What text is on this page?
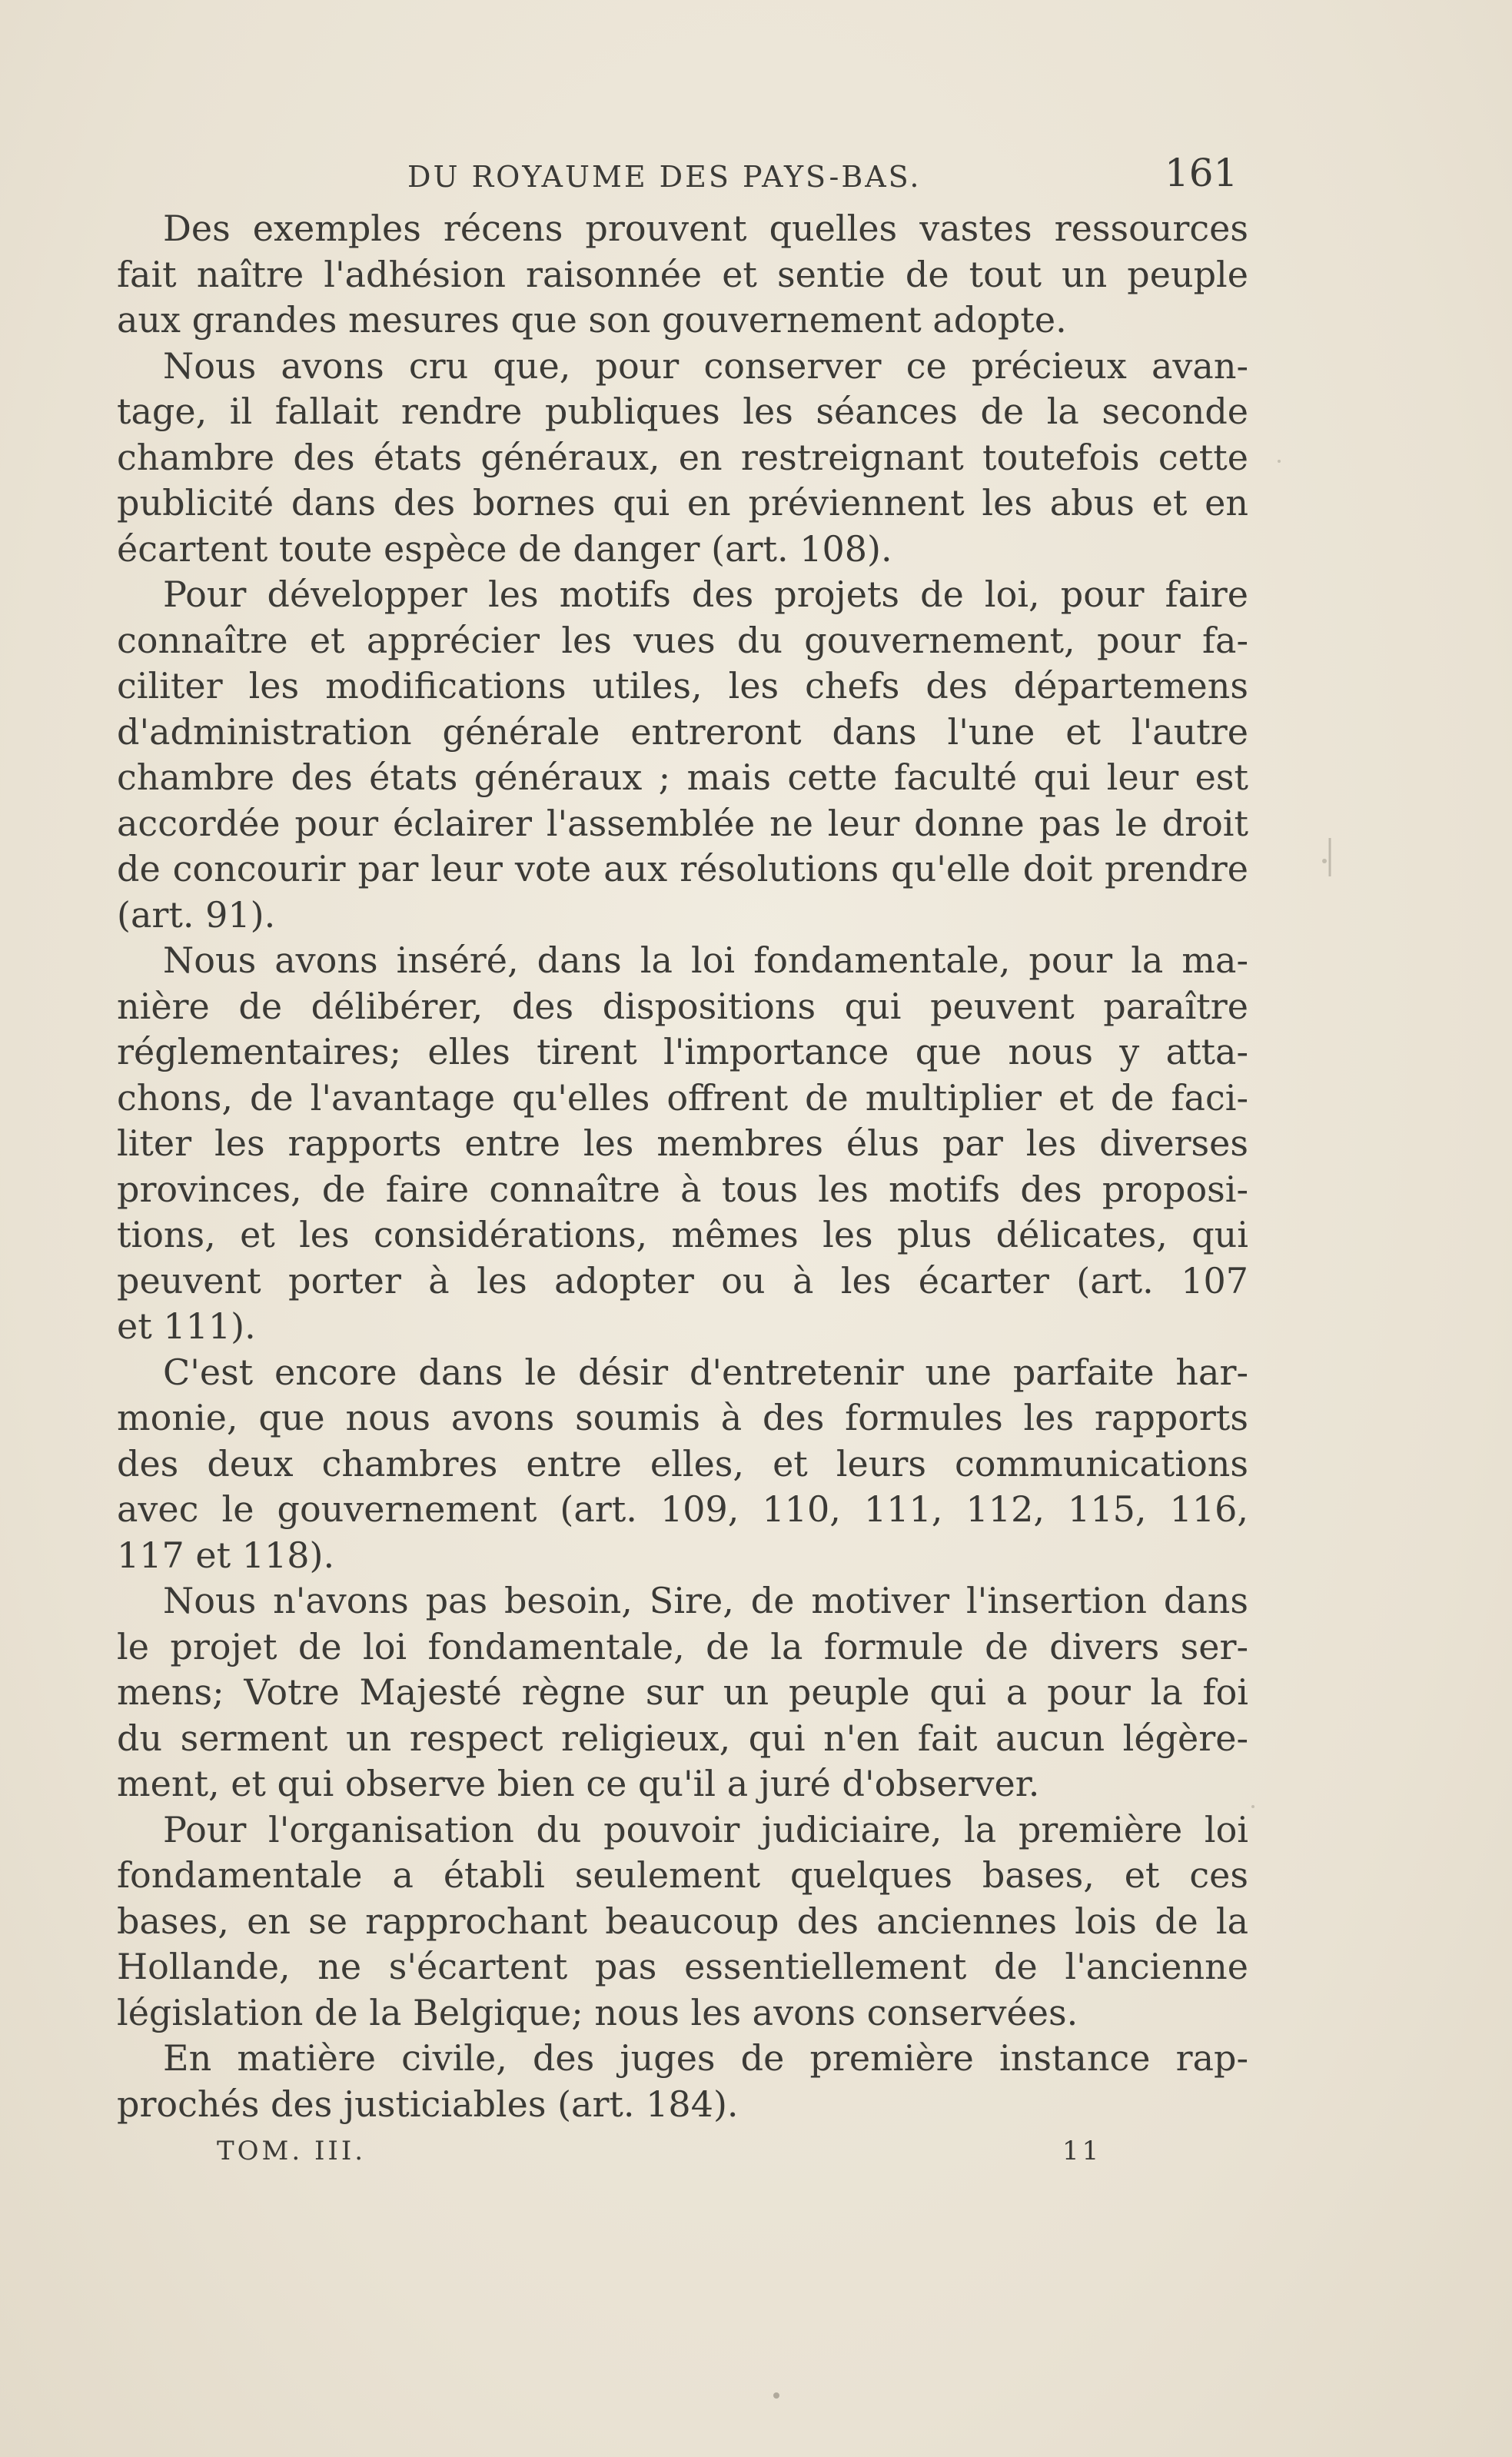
DU ROYAUME DES PAYS-BAS.	161
Des exemples récens prouvent quelles vastes ressources
fait naître l'adhésion raisonnée et sentie de tout un peuple
aux grandes mesures que son gouvernement adopte.
Nous avons cru que, pour conserver ce précieux avan-
tage, il fallait rendre publiques les séances de la seconde
chambre des états généraux, en restreignant toutefois cette
publicité dans des bornes qui en préviennent les abus et en
écartent toute espèce de danger (art. 108).
Pour développer les motifs des projets de loi, pour faire
connaître et apprécier les vues du gouvernement, pour fa-
ciliter les modifications utiles, les chefs des départemens
d'administration générale entreront dans l'une et l'autre
chambre des états généraux ; mais cette faculté qui leur est
accordée pour éclairer l'assemblée ne leur donne pas le droit
de concourir par leur vote aux résolutions qu'elle doit prendre
(art. 91).
Nous avons inséré, dans la loi fondamentale, pour la ma-
nière de délibérer, des dispositions qui peuvent paraître
réglementaires; elles tirent l'importance que nous y atta-
chons, de l'avantage qu'elles offrent de multiplier et de faci-
liter les rapports entre les membres élus par les diverses
provinces, de faire connaître à tous les motifs des proposi-
tions, et les considérations, mêmes les plus délicates, qui
peuvent porter à les adopter ou à les écarter (art. 107
et 111).
C'est encore dans le désir d'entretenir une parfaite har-
monie, que nous avons soumis à des formules les rapports
des deux chambres entre elles, et leurs communications
avec le gouvernement (art. 109, 110, 111, 112, 115, 116,
117 et 118).
Nous n'avons pas besoin, Sire, de motiver l'insertion dans
le projet de loi fondamentale, de la formule de divers ser-
mens; Votre Majesté règne sur un peuple qui a pour la foi
du serment un respect religieux, qui n'en fait aucun légère-
ment, et qui observe bien ce qu'il a juré d'observer.
Pour l'organisation du pouvoir judiciaire, la première loi
fondamentale a établi seulement quelques bases, et ces
bases, en se rapprochant beaucoup des anciennes lois de la
Hollande, ne s'écartent pas essentiellement de l'ancienne
législation de la Belgique; nous les avons conservées.
En matière civile, des juges de première instance rap-
prochés des justiciables (art. 184).
TOM. III.	11
